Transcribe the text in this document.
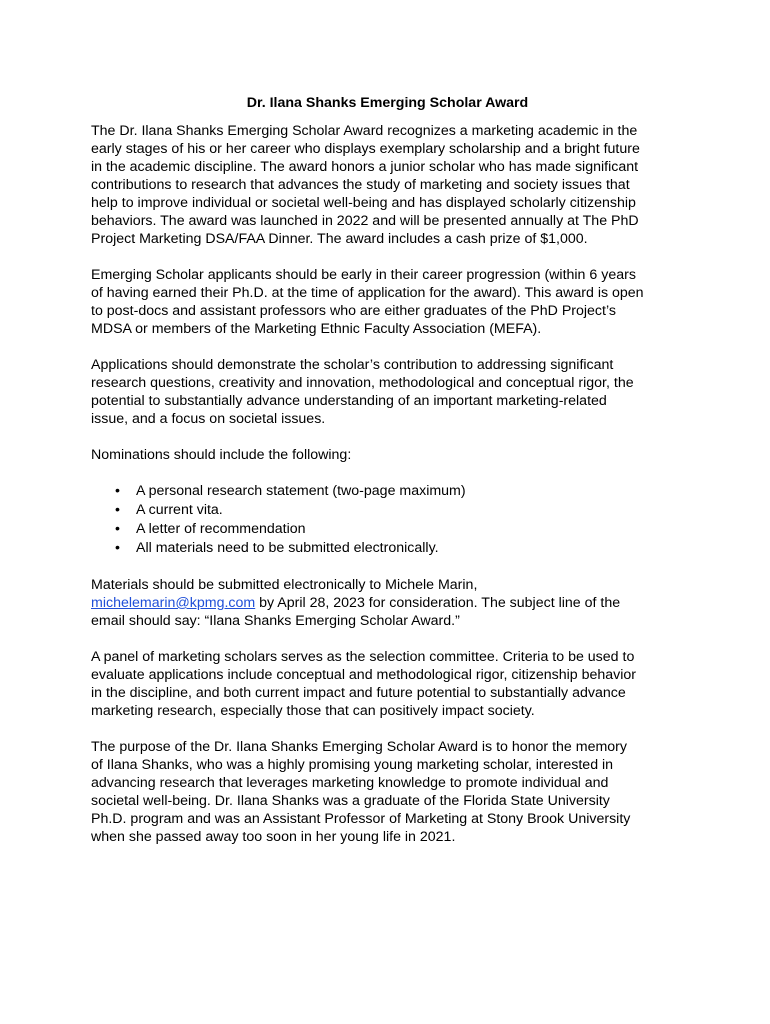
Dr. Ilana Shanks Emerging Scholar Award

The Dr. Ilana Shanks Emerging Scholar Award recognizes a marketing academic in the
early stages of his or her career who displays exemplary scholarship and a bright future
in the academic discipline. The award honors a junior scholar who has made significant
contributions to research that advances the study of marketing and society issues that
help to improve individual or societal well-being and has displayed scholarly citizenship
behaviors. The award was launched in 2022 and will be presented annually at The PhD
Project Marketing DSA/FAA Dinner. The award includes a cash prize of $1,000.

Emerging Scholar applicants should be early in their career progression (within 6 years
of having earned their Ph.D. at the time of application for the award). This award is open
to post-docs and assistant professors who are either graduates of the PhD Project’s
MDSA or members of the Marketing Ethnic Faculty Association (MEFA).

Applications should demonstrate the scholar’s contribution to addressing significant
research questions, creativity and innovation, methodological and conceptual rigor, the
potential to substantially advance understanding of an important marketing-related
issue, and a focus on societal issues.

Nominations should include the following:

• A personal research statement (two-page maximum)
• A current vita.
• A letter of recommendation
• All materials need to be submitted electronically.

Materials should be submitted electronically to Michele Marin,
michelemarin@kpmg.com by April 28, 2023 for consideration. The subject line of the
email should say: “Ilana Shanks Emerging Scholar Award.”

A panel of marketing scholars serves as the selection committee. Criteria to be used to
evaluate applications include conceptual and methodological rigor, citizenship behavior
in the discipline, and both current impact and future potential to substantially advance
marketing research, especially those that can positively impact society.

The purpose of the Dr. Ilana Shanks Emerging Scholar Award is to honor the memory
of Ilana Shanks, who was a highly promising young marketing scholar, interested in
advancing research that leverages marketing knowledge to promote individual and
societal well-being. Dr. Ilana Shanks was a graduate of the Florida State University
Ph.D. program and was an Assistant Professor of Marketing at Stony Brook University
when she passed away too soon in her young life in 2021.
